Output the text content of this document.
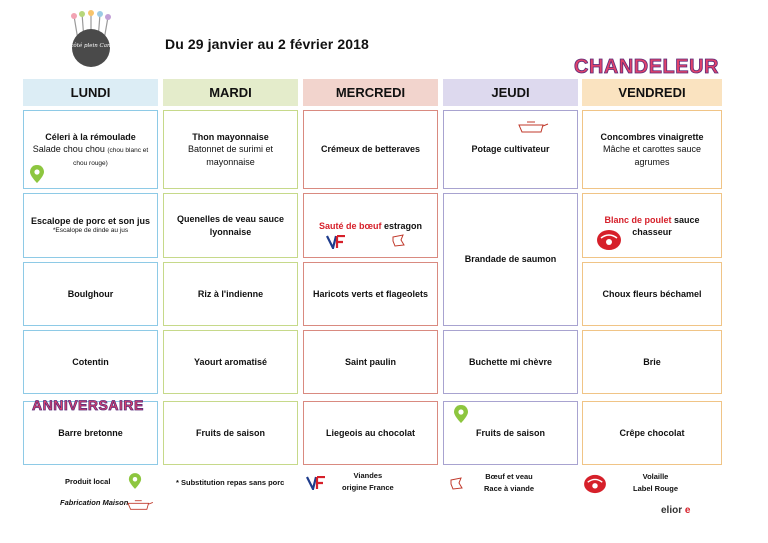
Du côté plein Cantine	Du 29 janvier au 2 février 2018
CHANDELEUR
LUNDI	MARDI	MERCREDI	JEUDI	VENDREDI
Céleri à la rémoulade
Salade chou chou (chou blanc et chou rouge)
Escalope de porc et son jus
*Escalope de dinde au jus
Boulghour
Cotentin
Barre bretonne
Thon mayonnaise
Batonnet de surimi et mayonnaise
Quenelles de veau sauce lyonnaise
Riz à l'indienne
Yaourt aromatisé
Fruits de saison
Crémeux de betteraves
Sauté de bœuf estragon
Haricots verts et flageolets
Saint paulin
Liegeois au chocolat
Potage cultivateur
Brandade de saumon
Buchette mi chèvre
Fruits de saison
Concombres vinaigrette
Mâche et carottes sauce agrumes
Blanc de poulet sauce chasseur
Choux fleurs béchamel
Brie
Crêpe chocolat
ANNIVERSAIRE
Produit local
Fabrication Maison
* Substitution repas sans porc
Viandes
origine France
Bœuf et veau
Race à viande
Volaille
Label Rouge
elior e
